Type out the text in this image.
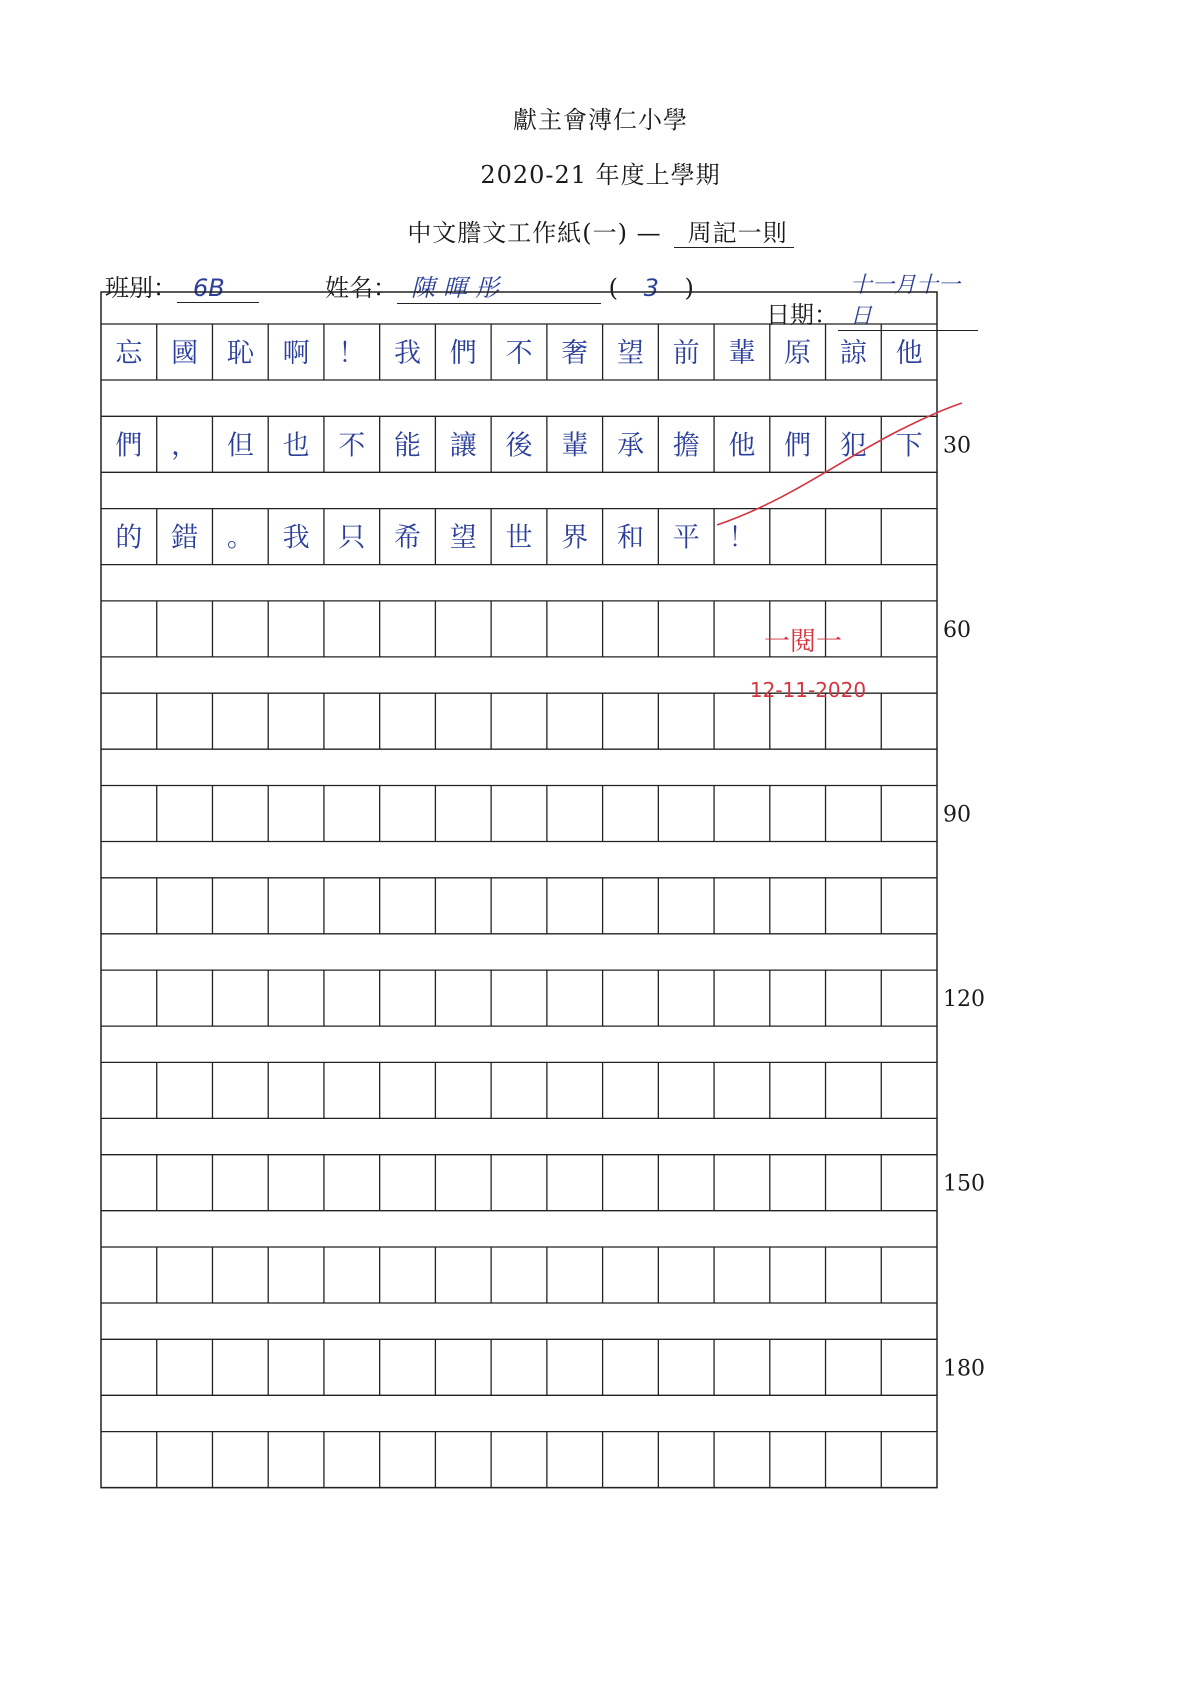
獻主會溥仁小學
2020-21 年度上學期
中文謄文工作紙(一) — 周記一則
班別： 6B	姓名： 陳暉彤	( 3 )
日期：十一月十一日
忘 國 恥 啊 ！ 我 們 不 奢 望 前 輩 原 諒 他
們 ， 但 也 不 能 讓 後 輩 承 擔 他 們 犯 下
的 錯 。 我 只 希 望 世 界 和 平 ！
30
60
90
120
150
180
一閱一
12-11-2020
